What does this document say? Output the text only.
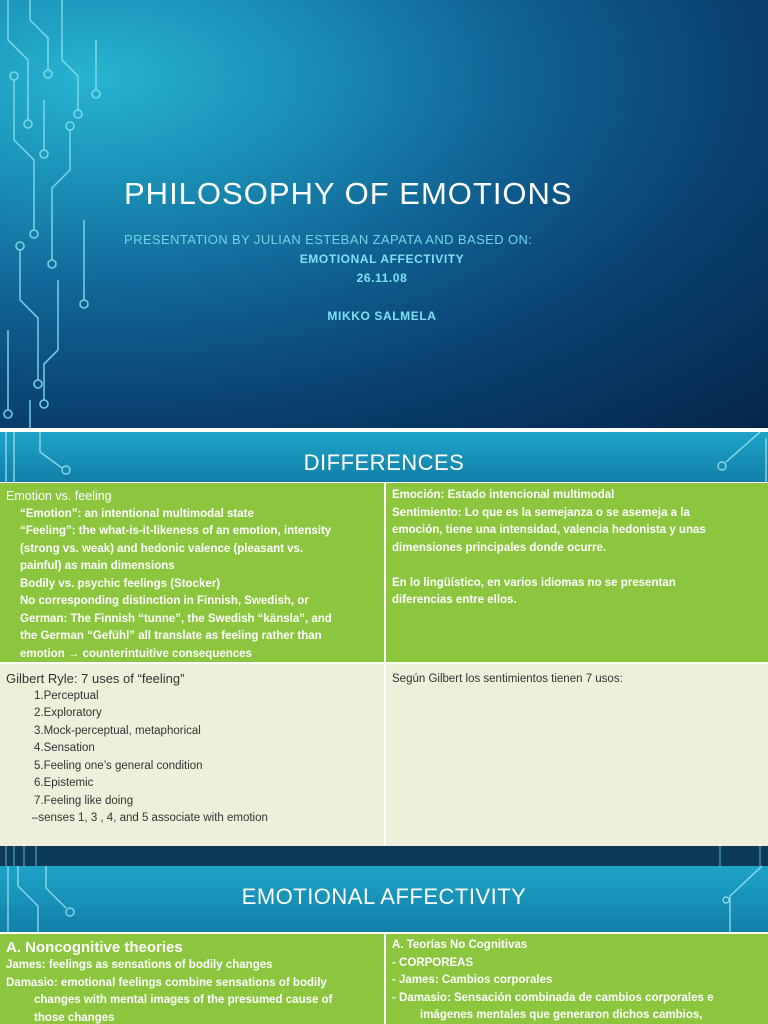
PHILOSOPHY OF EMOTIONS
PRESENTATION BY JULIAN ESTEBAN ZAPATA AND BASED ON:
EMOTIONAL AFFECTIVITY
26.11.08
MIKKO SALMELA
DIFFERENCES
Emotion vs. feeling
“Emotion”: an intentional multimodal state
“Feeling”: the what-is-it-likeness of an emotion, intensity
(strong vs. weak) and hedonic valence (pleasant vs.
painful) as main dimensions
Bodily vs. psychic feelings (Stocker)
No corresponding distinction in Finnish, Swedish, or
German: The Finnish “tunne”, the Swedish “känsla”, and
the German “Gefühl” all translate as feeling rather than
emotion → counterintuitive consequences
Emoción: Estado intencional multimodal
Sentimiento: Lo que es la semejanza o se asemeja a la
emoción, tiene una intensidad, valencia hedonista y unas
dimensiones principales donde ocurre.

En lo lingüístico, en varios idiomas no se presentan
diferencias entre ellos.
Gilbert Ryle: 7 uses of “feeling”
1.Perceptual
2.Exploratory
3.Mock-perceptual, metaphorical
4.Sensation
5.Feeling one’s general condition
6.Epistemic
7.Feeling like doing
–senses 1, 3 , 4, and 5 associate with emotion
Según Gilbert los sentimientos tienen 7 usos:
EMOTIONAL AFFECTIVITY
A. Noncognitive theories
James: feelings as sensations of bodily changes
Damasio: emotional feelings combine sensations of bodily
changes with mental images of the presumed cause of
those changes
A. Teorías No Cognitivas
- CORPOREAS
- James: Cambios corporales
- Damasio: Sensación combinada de cambios corporales e
imágenes mentales que generaron dichos cambios,
